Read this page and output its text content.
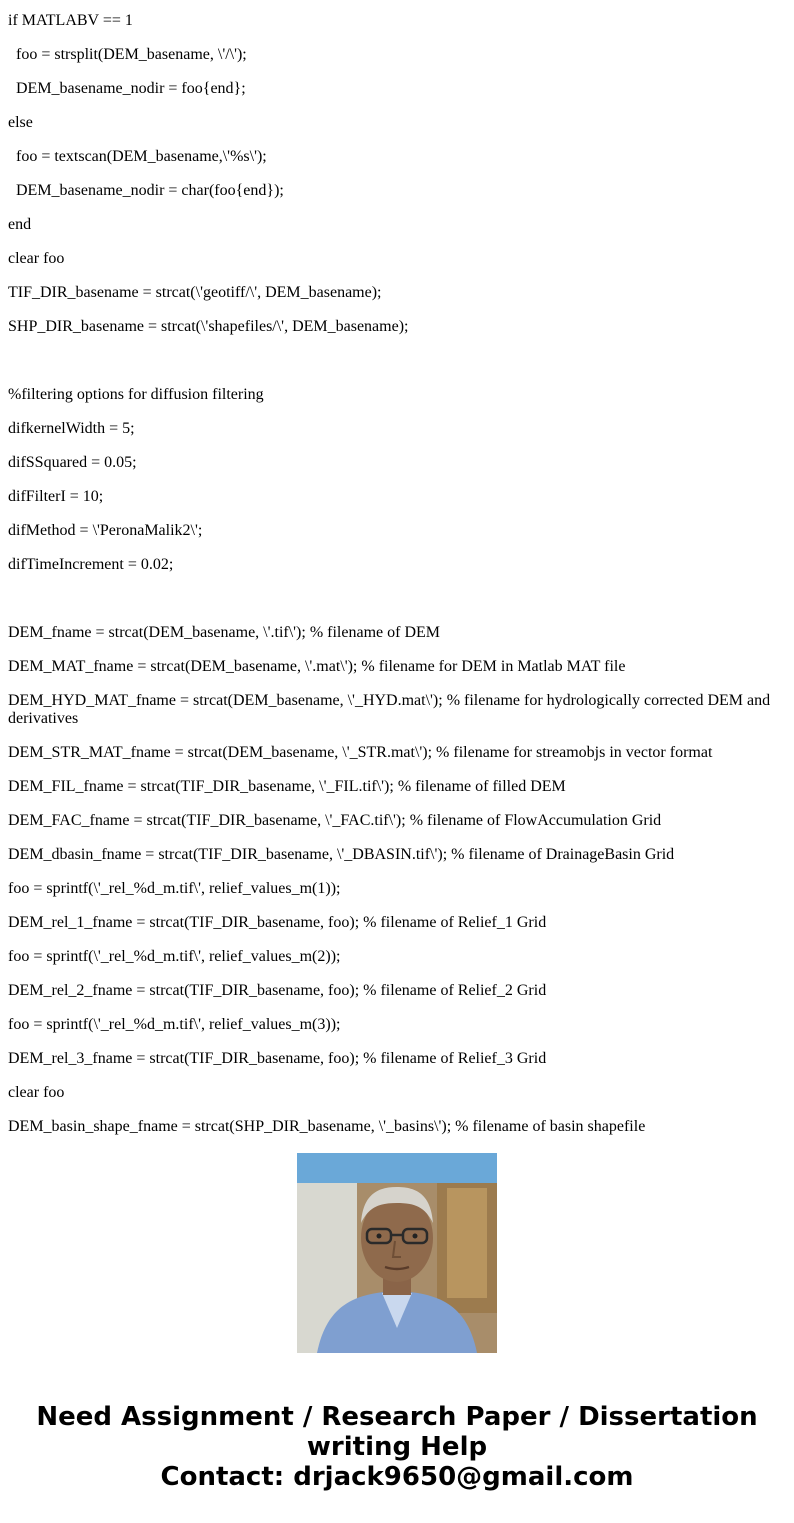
if MATLABV == 1
foo = strsplit(DEM_basename, \'/\');
DEM_basename_nodir = foo{end};
else
foo = textscan(DEM_basename,\'%s\');
DEM_basename_nodir = char(foo{end});
end
clear foo
TIF_DIR_basename = strcat(\'geotiff/\', DEM_basename);
SHP_DIR_basename = strcat(\'shapefiles/\', DEM_basename);
%filtering options for diffusion filtering
difkernelWidth = 5;
difSSquared = 0.05;
difFilterI = 10;
difMethod = \'PeronaMalik2\';
difTimeIncrement = 0.02;
DEM_fname = strcat(DEM_basename, \'.tif\'); % filename of DEM
DEM_MAT_fname = strcat(DEM_basename, \'.mat\'); % filename for DEM in Matlab MAT file
DEM_HYD_MAT_fname = strcat(DEM_basename, \'_HYD.mat\'); % filename for hydrologically corrected DEM and derivatives
DEM_STR_MAT_fname = strcat(DEM_basename, \'_STR.mat\'); % filename for streamobjs in vector format
DEM_FIL_fname = strcat(TIF_DIR_basename, \'_FIL.tif\'); % filename of filled DEM
DEM_FAC_fname = strcat(TIF_DIR_basename, \'_FAC.tif\'); % filename of FlowAccumulation Grid
DEM_dbasin_fname = strcat(TIF_DIR_basename, \'_DBASIN.tif\'); % filename of DrainageBasin Grid
foo = sprintf(\'_rel_%d_m.tif\', relief_values_m(1));
DEM_rel_1_fname = strcat(TIF_DIR_basename, foo); % filename of Relief_1 Grid
foo = sprintf(\'_rel_%d_m.tif\', relief_values_m(2));
DEM_rel_2_fname = strcat(TIF_DIR_basename, foo); % filename of Relief_2 Grid
foo = sprintf(\'_rel_%d_m.tif\', relief_values_m(3));
DEM_rel_3_fname = strcat(TIF_DIR_basename, foo); % filename of Relief_3 Grid
clear foo
DEM_basin_shape_fname = strcat(SHP_DIR_basename, \'_basins\'); % filename of basin shapefile
Need Assignment / Research Paper / Dissertation
writing Help
Contact: drjack9650@gmail.com
